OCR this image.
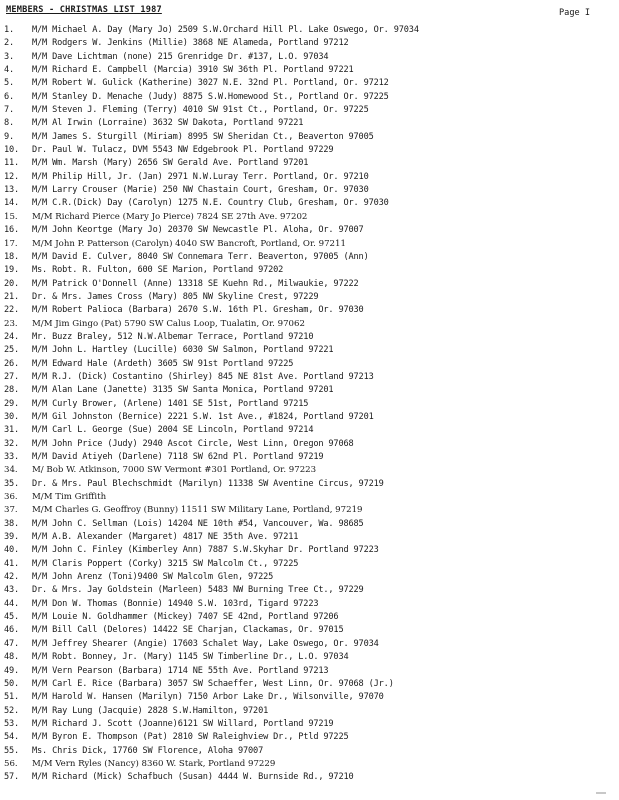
MEMBERS - CHRISTMAS LIST 1987	Page I
1. M/M Michael A. Day (Mary Jo) 2509 S.W.Orchard Hill Pl. Lake Oswego, Or. 97034
2. M/M Rodgers W. Jenkins (Millie) 3868 NE Alameda, Portland 97212
3. M/M Dave Lichtman (none) 215 Grenridge Dr. #137, L.O. 97034
4. M/M Richard E. Campbell (Marcia) 3910 SW 36th Pl. Portland 97221
5. M/M Robert W. Gulick (Katherine) 3027 N.E. 32nd Pl. Portland, Or. 97212
6. M/M Stanley D. Menache (Judy) 8875 S.W.Homewood St., Portland Or. 97225
7. M/M Steven J. Fleming (Terry) 4010 SW 91st Ct., Portland, Or. 97225
8. M/M Al Irwin (Lorraine) 3632 SW Dakota, Portland 97221
9. M/M James S. Sturgill (Miriam) 8995 SW Sheridan Ct., Beaverton 97005
10. Dr. Paul W. Tulacz, DVM 5543 NW Edgebrook Pl. Portland 97229
11. M/M Wm. Marsh (Mary) 2656 SW Gerald Ave. Portland 97201
12. M/M Philip Hill, Jr. (Jan) 2971 N.W.Luray Terr. Portland, Or. 97210
13. M/M Larry Crouser (Marie) 250 NW Chastain Court, Gresham, Or. 97030
14. M/M C.R.(Dick) Day (Carolyn) 1275 N.E. Country Club, Gresham, Or. 97030
15. M/M Richard Pierce (Mary Jo Pierce) 7824 SE 27th Ave. 97202
16. M/M John Keortge (Mary Jo) 20370 SW Newcastle Pl. Aloha, Or. 97007
17. M/M John P. Patterson (Carolyn) 4040 SW Bancroft, Portland, Or. 97211
18. M/M David E. Culver, 8040 SW Connemara Terr. Beaverton, 97005 (Ann)
19. Ms. Robt. R. Fulton, 600 SE Marion, Portland 97202
20. M/M Patrick O'Donnell (Anne) 13318 SE Kuehn Rd., Milwaukie, 97222
21. Dr. & Mrs. James Cross (Mary) 805 NW Skyline Crest, 97229
22. M/M Robert Palioca (Barbara) 2670 S.W. 16th Pl. Gresham, Or. 97030
23. M/M Jim Gingo (Pat) 5790 SW Calus Loop, Tualatin, Or. 97062
24. Mr. Buzz Braley, 512 N.W.Albemar Terrace, Portland 97210
25. M/M John L. Hartley (Lucille) 6030 SW Salmon, Portland 97221
26. M/M Edward Hale (Ardeth) 3605 SW 91st Portland 97225
27. M/M R.J. (Dick) Costantino (Shirley) 845 NE 81st Ave. Portland 97213
28. M/M Alan Lane (Janette) 3135 SW Santa Monica, Portland 97201
29. M/M Curly Brower, (Arlene) 1401 SE 51st, Portland 97215
30. M/M Gil Johnston (Bernice) 2221 S.W. 1st Ave., #1824, Portland 97201
31. M/M Carl L. George (Sue) 2004 SE Lincoln, Portland 97214
32. M/M John Price (Judy) 2940 Ascot Circle, West Linn, Oregon 97068
33. M/M David Atiyeh (Darlene) 7118 SW 62nd Pl. Portland 97219
34. M/ Bob W. Atkinson, 7000 SW Vermont #301 Portland, Or. 97223
35. Dr. & Mrs. Paul Blechschmidt (Marilyn) 11338 SW Aventine Circus, 97219
36. M/M Tim Griffith
37. M/M Charles G. Geoffroy (Bunny) 11511 SW Military Lane, Portland, 97219
38. M/M John C. Sellman (Lois) 14204 NE 10th #54, Vancouver, Wa. 98685
39. M/M A.B. Alexander (Margaret) 4817 NE 35th Ave. 97211
40. M/M John C. Finley (Kimberley Ann) 7887 S.W.Skyhar Dr. Portland 97223
41. M/M Claris Poppert (Corky) 3215 SW Malcolm Ct., 97225
42. M/M John Arenz (Toni)9400 SW Malcolm Glen, 97225
43. Dr. & Mrs. Jay Goldstein (Marleen) 5483 NW Burning Tree Ct., 97229
44. M/M Don W. Thomas (Bonnie) 14940 S.W. 103rd, Tigard 97223
45. M/M Louie N. Goldhammer (Mickey) 7407 SE 42nd, Portland 97206
46. M/M Bill Call (Delores) 14422 SE Charjan, Clackamas, Or. 97015
47. M/M Jeffrey Shearer (Angie) 17603 Schalet Way, Lake Oswego, Or. 97034
48. M/M Robt. Bonney, Jr. (Mary) 1145 SW Timberline Dr., L.O. 97034
49. M/M Vern Pearson (Barbara) 1714 NE 55th Ave. Portland 97213
50. M/M Carl E. Rice (Barbara) 3057 SW Schaeffer, West Linn, Or. 97068 (Jr.)
51. M/M Harold W. Hansen (Marilyn) 7150 Arbor Lake Dr., Wilsonville, 97070
52. M/M Ray Lung (Jacquie) 2828 S.W.Hamilton, 97201
53. M/M Richard J. Scott (Joanne)6121 SW Willard, Portland 97219
54. M/M Byron E. Thompson (Pat) 2810 SW Raleighview Dr., Ptld 97225
55. Ms. Chris Dick, 17760 SW Florence, Aloha 97007
56. M/M Vern Ryles (Nancy) 8360 W. Stark, Portland 97229
57. M/M Richard (Mick) Schafbuch (Susan) 4444 W. Burnside Rd., 97210
